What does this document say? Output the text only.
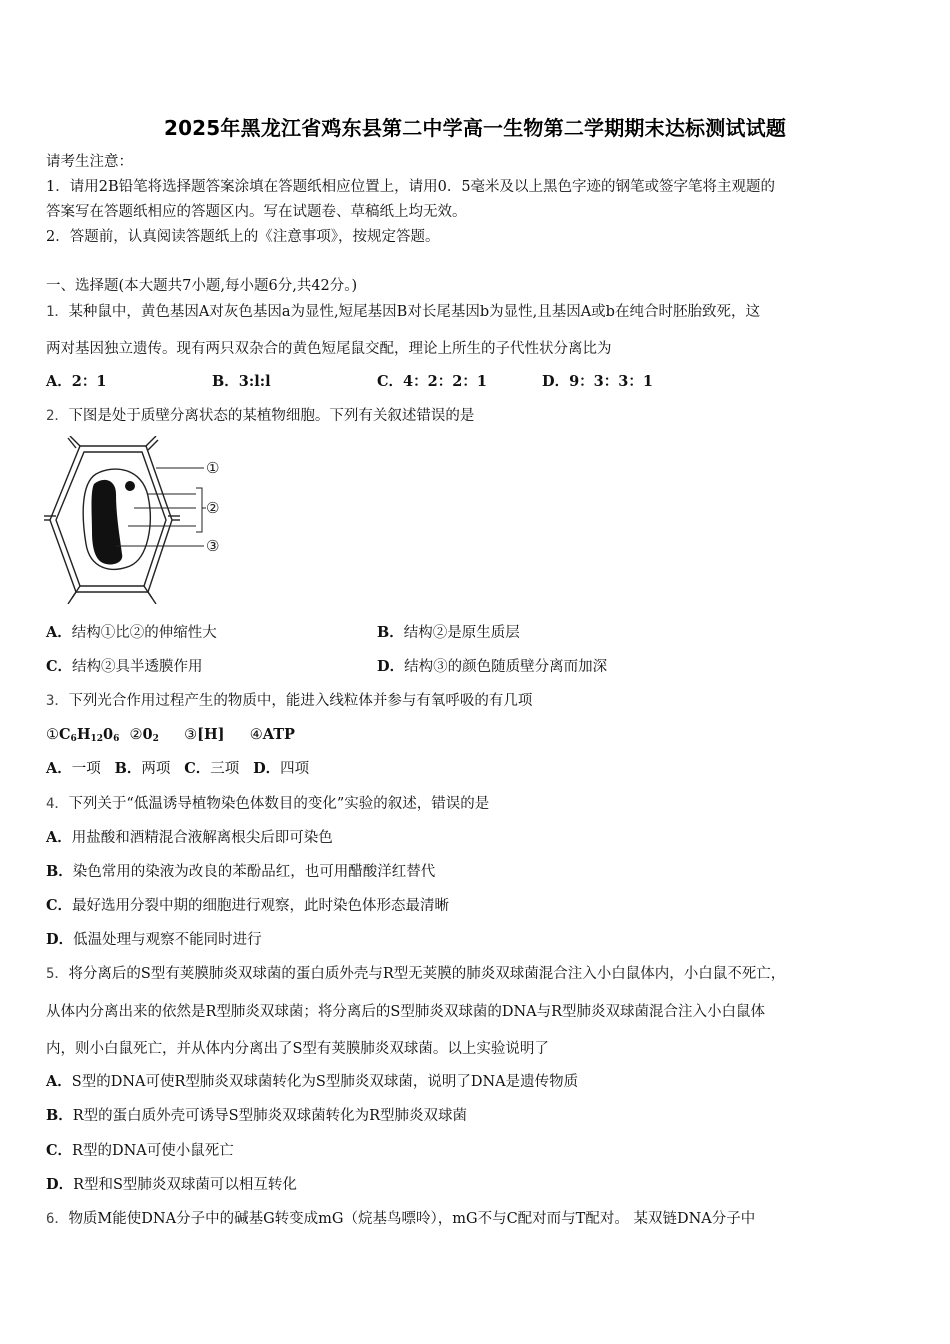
2025年黑龙江省鸡东县第二中学高一生物第二学期期末达标测试试题
请考生注意：
1．请用2B铅笔将选择题答案涂填在答题纸相应位置上，请用0．5毫米及以上黑色字迹的钢笔或签字笔将主观题的
答案写在答题纸相应的答题区内。写在试题卷、草稿纸上均无效。
2．答题前，认真阅读答题纸上的《注意事项》，按规定答题。
一、选择题(本大题共7小题,每小题6分,共42分。)
1．某种鼠中，黄色基因A对灰色基因a为显性,短尾基因B对长尾基因b为显性,且基因A或b在纯合时胚胎致死，这
两对基因独立遗传。现有两只双杂合的黄色短尾鼠交配，理论上所生的子代性状分离比为
A．2：1	B．3:l:l	C．4：2：2：1	D．9：3：3：1
2．下图是处于质壁分离状态的某植物细胞。下列有关叙述错误的是
①
②
③
A．结构①比②的伸缩性大	B．结构②是原生质层
C．结构②具半透膜作用	D．结构③的颜色随质壁分离而加深
3．下列光合作用过程产生的物质中，能进入线粒体并参与有氧呼吸的有几项
$①C_6H_{12}0_6$ $②0_2$ ③[H] ④ATP
A．一项 B．两项 C．三项 D．四项
4．下列关于“低温诱导植物染色体数目的变化”实验的叙述，错误的是
A．用盐酸和酒精混合液解离根尖后即可染色
B．染色常用的染液为改良的苯酚品红，也可用醋酸洋红替代
C．最好选用分裂中期的细胞进行观察，此时染色体形态最清晰
D．低温处理与观察不能同时进行
5．将分离后的S型有荚膜肺炎双球菌的蛋白质外壳与R型无荚膜的肺炎双球菌混合注入小白鼠体内，小白鼠不死亡，
从体内分离出来的依然是R型肺炎双球菌；将分离后的S型肺炎双球菌的DNA与R型肺炎双球菌混合注入小白鼠体
内，则小白鼠死亡，并从体内分离出了S型有荚膜肺炎双球菌。以上实验说明了
A．S型的DNA可使R型肺炎双球菌转化为S型肺炎双球菌，说明了DNA是遗传物质
B．R型的蛋白质外壳可诱导S型肺炎双球菌转化为R型肺炎双球菌
C．R型的DNA可使小鼠死亡
D．R型和S型肺炎双球菌可以相互转化
6．物质M能使DNA分子中的碱基G转变成mG（烷基鸟嘌呤），mG不与C配对而与T配对。 某双链DNA分子中
